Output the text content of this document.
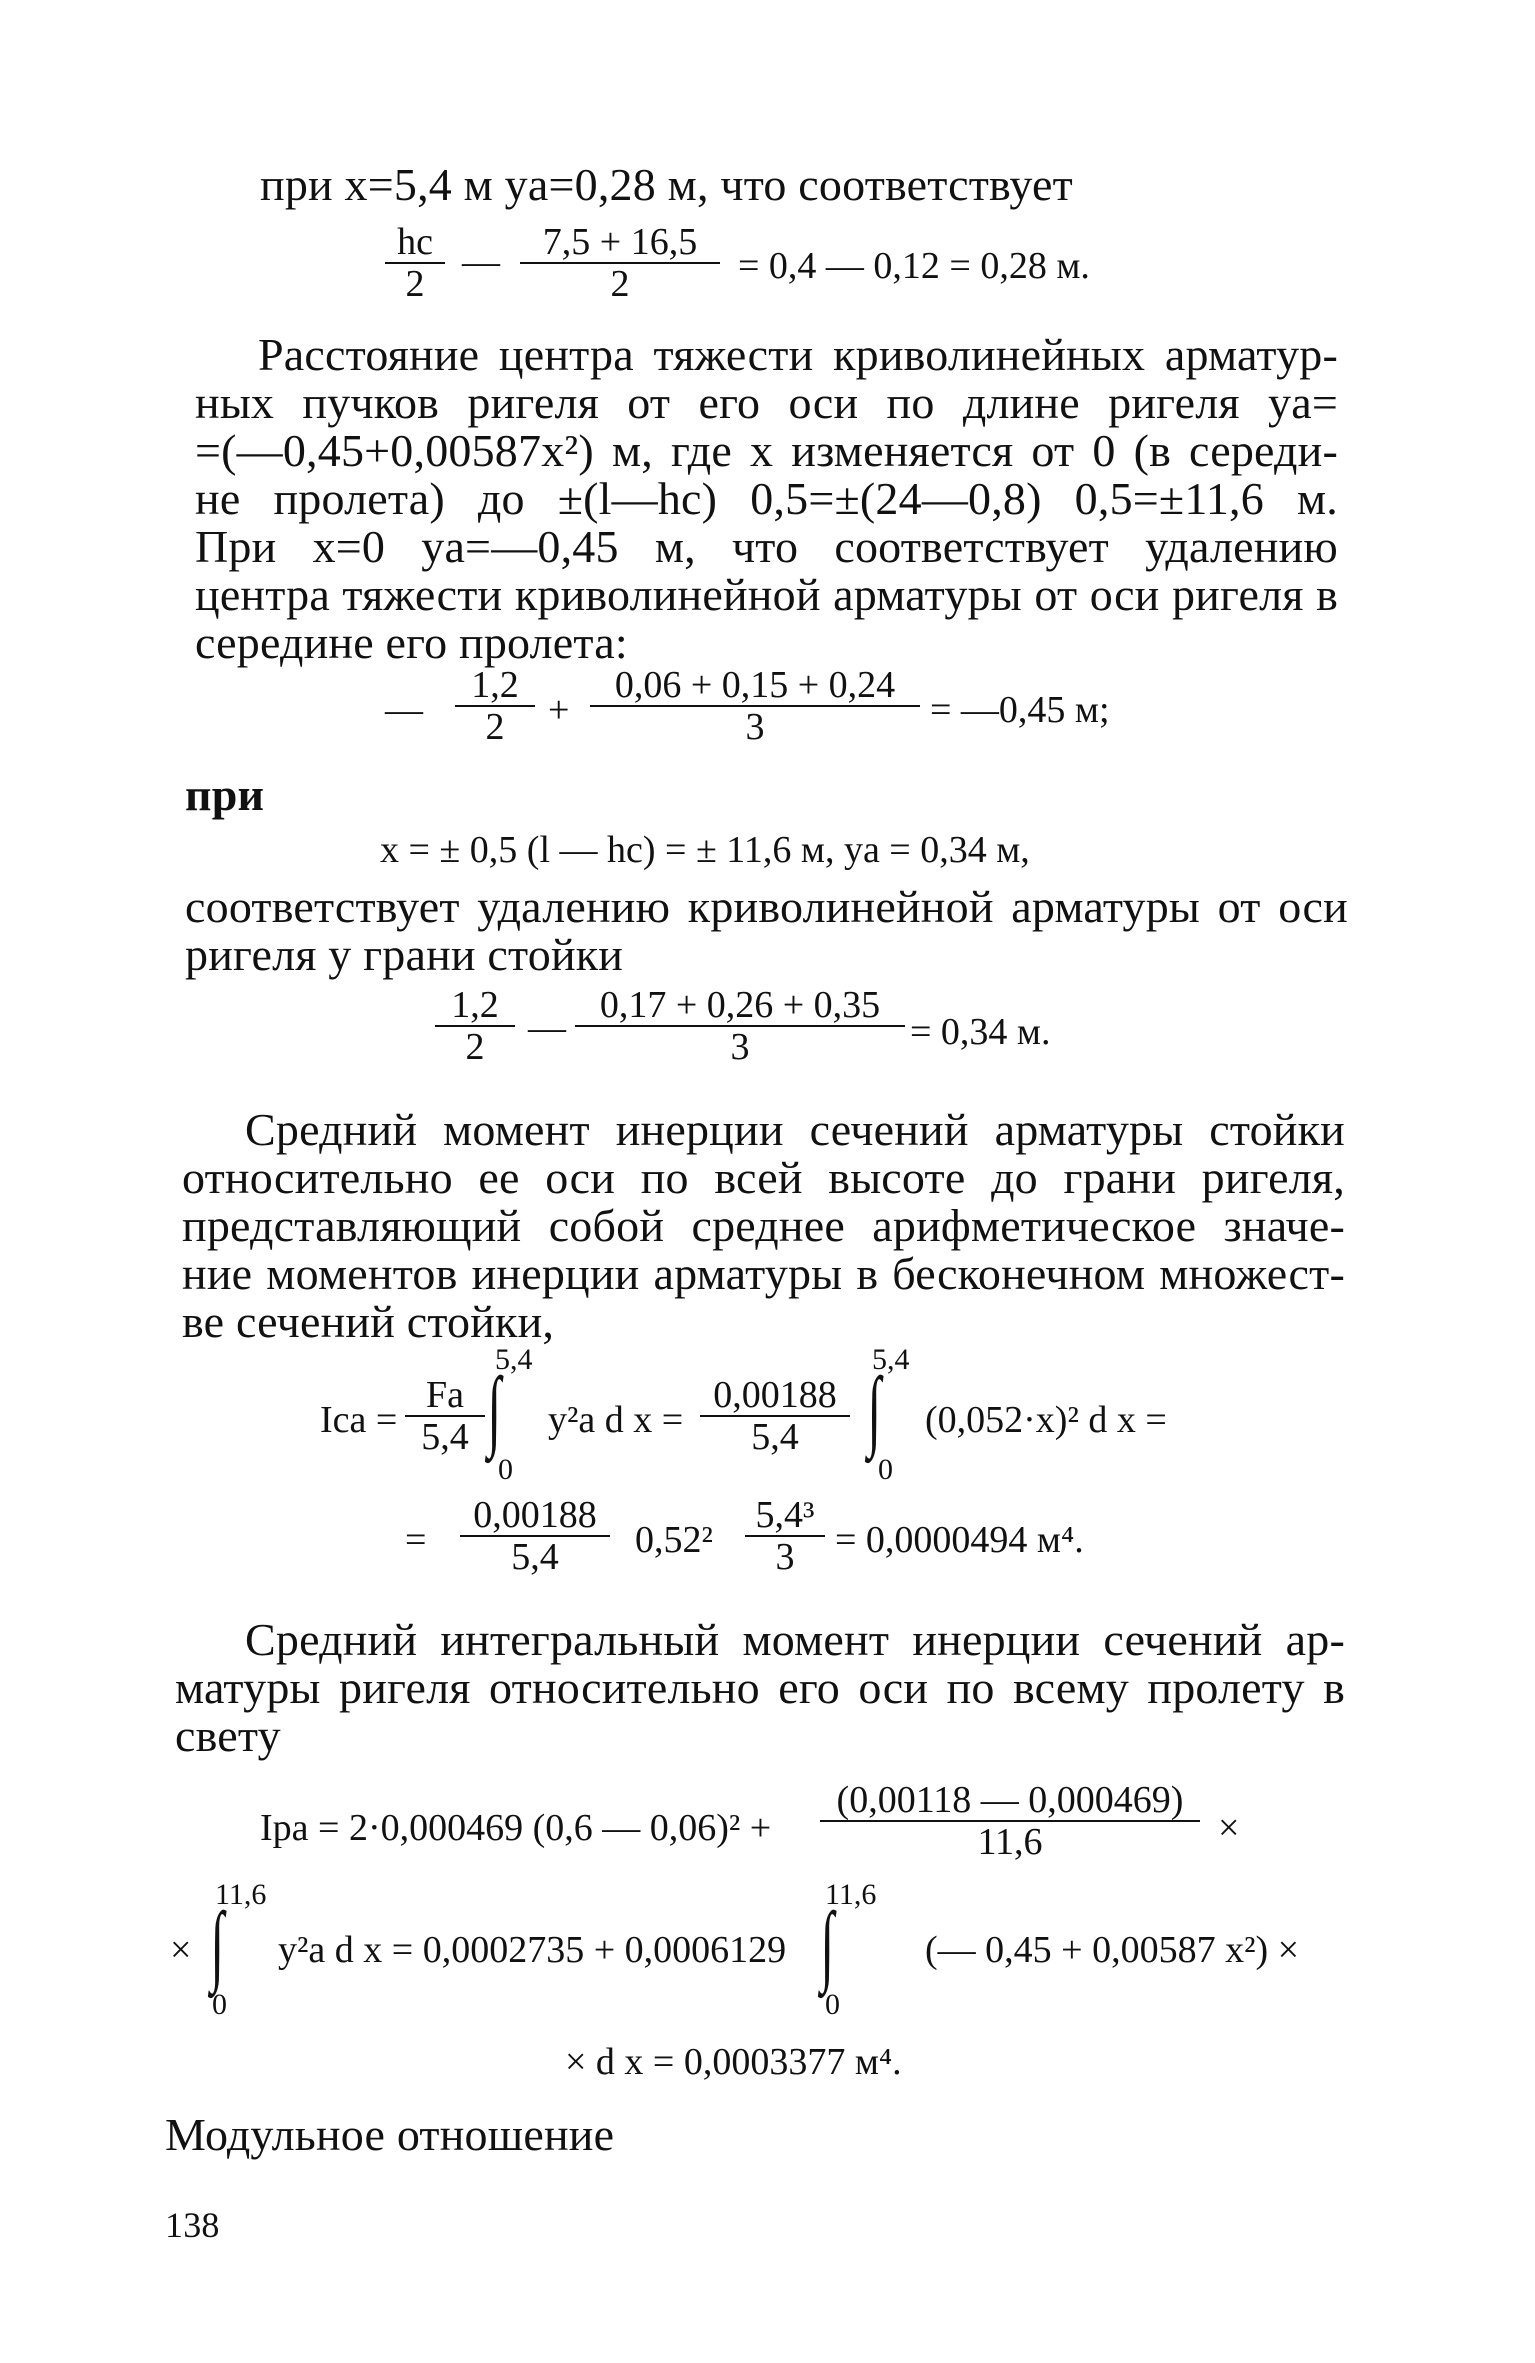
при x=5,4 м yа=0,28 м, что соответствует
hс
2
— $\frac{7,5 + 16,5}{2} = 0,4$ — 0,12 = 0,28 м.
Расстояние центра тяжести криволинейных арматур-
ных пучков ригеля от его оси по длине ригеля yа=
=(—0,45+0,00587x²) м, где x изменяется от 0 (в середи-
не пролета) до ±(l—hс) 0,5=±(24—0,8) 0,5=±11,6 м.
При x=0 yа=—0,45 м, что соответствует удалению
центра тяжести криволинейной арматуры от оси ригеля в
середине его пролета:
— $\frac{1,2}{2} + \frac{0,06 + 0,15 + 0,24}{3}$ = —0,45 м;
при
x = ± 0,5 (l — hс) = ± 11,6 м, yа = 0,34 м,
соответствует удалению криволинейной арматуры от оси
ригеля у грани стойки
$\frac{1,2}{2}$ — $\frac{0,17 + 0,26 + 0,35}{3} = 0,34$ м.
Средний момент инерции сечений арматуры стойки
относительно ее оси по всей высоте до грани ригеля,
представляющий собой среднее арифметическое значе-
ние моментов инерции арматуры в бесконечном множест-
ве сечений стойки,
Iсa = $\frac{Fa}{5,4}$
5,4
∫
0
y²a d $x = \frac{0,00188}{5,4}$
5,4
∫
0
(0,052·x)² d x =
= $\frac{0,00188}{5,4} 0,52^2 \frac{\text{5,4³}}{3} = 0,0000494$ м⁴.
Средний интегральный момент инерции сечений ар-
матуры ригеля относительно его оси по всему пролету в
свету
Iрa = 2·0,000469 (0,6 — $0,06)^2 + \frac{(0,00118 — 0,000469)}{11,6}$ ×
×
11,6
∫
0
y²a d x = 0,0002735 + 0,0006129
11,6
∫
0
(— 0,45 + 0,00587 x²) ×
× d x = 0,0003377 м⁴.
Модульное отношение
138
